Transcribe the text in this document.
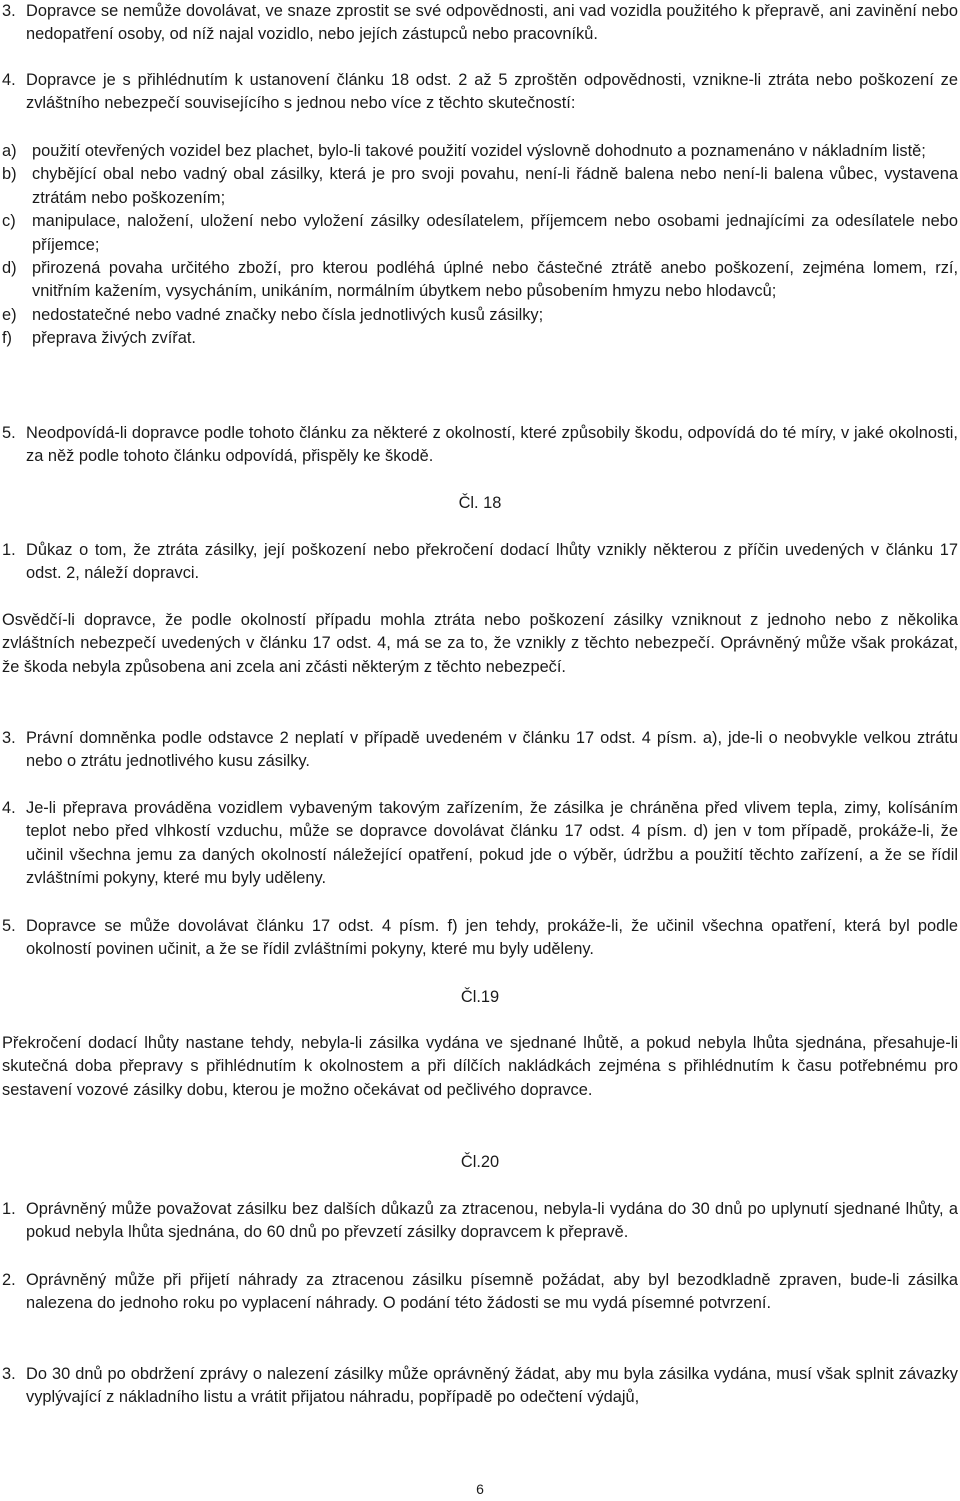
3. Dopravce se nemůže dovolávat, ve snaze zprostit se své odpovědnosti, ani vad vozidla použitého k přepravě, ani zavinění nebo nedopatření osoby, od níž najal vozidlo, nebo jejích zástupců nebo pracovníků.
4. Dopravce je s přihlédnutím k ustanovení článku 18 odst. 2 až 5 zproštěn odpovědnosti, vznikne-li ztráta nebo poškození ze zvláštního nebezpečí souvisejícího s jednou nebo více z těchto skutečností:
a) použití otevřených vozidel bez plachet, bylo-li takové použití vozidel výslovně dohodnuto a poznamenáno v nákladním listě;
b) chybějící obal nebo vadný obal zásilky, která je pro svoji povahu, není-li řádně balena nebo není-li balena vůbec, vystavena ztrátám nebo poškozením;
c) manipulace, naložení, uložení nebo vyložení zásilky odesílatelem, příjemcem nebo osobami jednajícími za odesílatele nebo příjemce;
d) přirozená povaha určitého zboží, pro kterou podléhá úplné nebo částečné ztrátě anebo poškození, zejména lomem, rzí, vnitřním kažením, vysycháním, unikáním, normálním úbytkem nebo působením hmyzu nebo hlodavců;
e) nedostatečné nebo vadné značky nebo čísla jednotlivých kusů zásilky;
f)	přeprava živých zvířat.
5. Neodpovídá-li dopravce podle tohoto článku za některé z okolností, které způsobily škodu, odpovídá do té míry, v jaké okolnosti, za něž podle tohoto článku odpovídá, přispěly ke škodě.
Čl. 18
1. Důkaz o tom, že ztráta zásilky, její poškození nebo překročení dodací lhůty vznikly některou z příčin uvedených v článku 17 odst. 2, náleží dopravci.
Osvědčí-li dopravce, že podle okolností případu mohla ztráta nebo poškození zásilky vzniknout z jednoho nebo z několika zvláštních nebezpečí uvedených v článku 17 odst. 4, má se za to, že vznikly z těchto nebezpečí. Oprávněný může však prokázat, že škoda nebyla způsobena ani zcela ani zčásti některým z těchto nebezpečí.
3. Právní domněnka podle odstavce 2 neplatí v případě uvedeném v článku 17 odst. 4 písm. a), jde-li o neobvykle velkou ztrátu nebo o ztrátu jednotlivého kusu zásilky.
4. Je-li přeprava prováděna vozidlem vybaveným takovým zařízením, že zásilka je chráněna před vlivem tepla, zimy, kolísáním teplot nebo před vlhkostí vzduchu, může se dopravce dovolávat článku 17 odst. 4 písm. d) jen v tom případě, prokáže-li, že učinil všechna jemu za daných okolností náležející opatření, pokud jde o výběr, údržbu a použití těchto zařízení, a že se řídil zvláštními pokyny, které mu byly uděleny.
5. Dopravce se může dovolávat článku 17 odst. 4 písm. f) jen tehdy, prokáže-li, že učinil všechna opatření, která byl podle okolností povinen učinit, a že se řídil zvláštními pokyny, které mu byly uděleny.
Čl.19
Překročení dodací lhůty nastane tehdy, nebyla-li zásilka vydána ve sjednané lhůtě, a pokud nebyla lhůta sjednána, přesahuje-li skutečná doba přepravy s přihlédnutím k okolnostem a při dílčích nakládkách zejména s přihlédnutím k času potřebnému pro sestavení vozové zásilky dobu, kterou je možno očekávat od pečlivého dopravce.
Čl.20
1. Oprávněný může považovat zásilku bez dalších důkazů za ztracenou, nebyla-li vydána do 30 dnů po uplynutí sjednané lhůty, a pokud nebyla lhůta sjednána, do 60 dnů po převzetí zásilky dopravcem k přepravě.
2. Oprávněný může při přijetí náhrady za ztracenou zásilku písemně požádat, aby byl bezodkladně zpraven, bude-li zásilka nalezena do jednoho roku po vyplacení náhrady. O podání této žádosti se mu vydá písemné potvrzení.
3. Do 30 dnů po obdržení zprávy o nalezení zásilky může oprávněný žádat, aby mu byla zásilka vydána, musí však splnit závazky vyplývající z nákladního listu a vrátit přijatou náhradu, popřípadě po odečtení výdajů,
6
